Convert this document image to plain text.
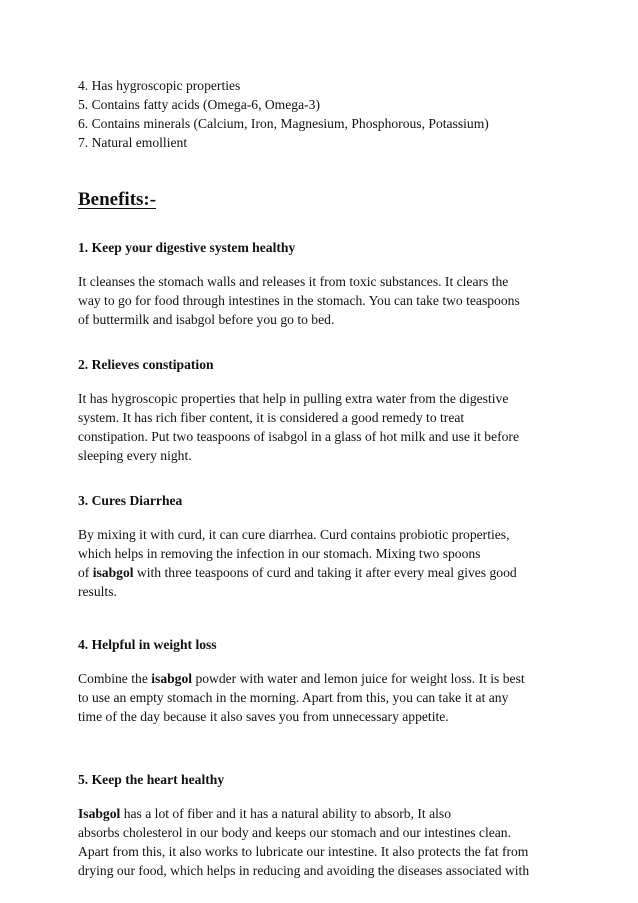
4. Has hygroscopic properties
5. Contains fatty acids (Omega-6, Omega-3)
6. Contains minerals (Calcium, Iron, Magnesium, Phosphorous, Potassium)
7. Natural emollient
Benefits:-
1. Keep your digestive system healthy
It cleanses the stomach walls and releases it from toxic substances. It clears the
way to go for food through intestines in the stomach. You can take two teaspoons
of buttermilk and isabgol before you go to bed.
2. Relieves constipation
It has hygroscopic properties that help in pulling extra water from the digestive
system. It has rich fiber content, it is considered a good remedy to treat
constipation. Put two teaspoons of isabgol in a glass of hot milk and use it before
sleeping every night.
3. Cures Diarrhea
By mixing it with curd, it can cure diarrhea. Curd contains probiotic properties,
which helps in removing the infection in our stomach. Mixing two spoons
of isabgol with three teaspoons of curd and taking it after every meal gives good
results.
4. Helpful in weight loss
Combine the isabgol powder with water and lemon juice for weight loss. It is best
to use an empty stomach in the morning. Apart from this, you can take it at any
time of the day because it also saves you from unnecessary appetite.
5. Keep the heart healthy
Isabgol has a lot of fiber and it has a natural ability to absorb, It also
absorbs cholesterol in our body and keeps our stomach and our intestines clean.
Apart from this, it also works to lubricate our intestine. It also protects the fat from
drying our food, which helps in reducing and avoiding the diseases associated with
